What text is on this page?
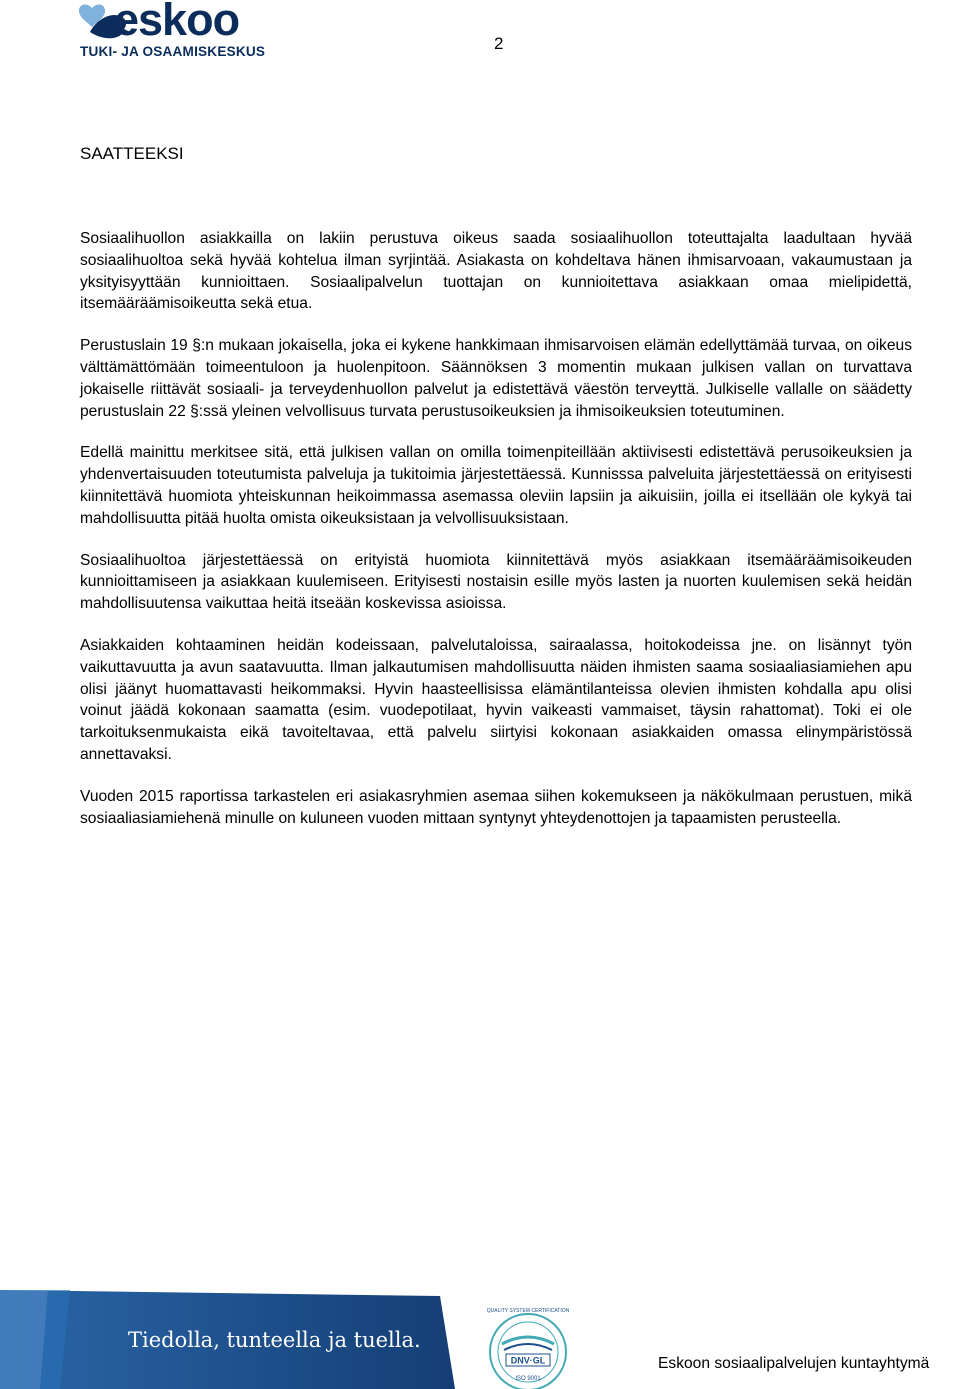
eskoo
TUKI- JA OSAAMISKESKUS	2
SAATTEEKSI

Sosiaalihuollon asiakkailla on lakiin perustuva oikeus saada sosiaalihuollon toteuttajalta laadultaan hyvää sosiaalihuoltoa sekä hyvää kohtelua ilman syrjintää. Asiakasta on kohdeltava hänen ihmisarvoaan, vakaumustaan ja yksityisyyttään kunnioittaen. Sosiaalipalvelun tuottajan on kunnioitettava asiakkaan omaa mielipidettä, itsemääräämisoikeutta sekä etua.

Perustuslain 19 §:n mukaan jokaisella, joka ei kykene hankkimaan ihmisarvoisen elämän edellyttämää turvaa, on oikeus välttämättömään toimeentuloon ja huolenpitoon. Säännöksen 3 momentin mukaan julkisen vallan on turvattava jokaiselle riittävät sosiaali- ja terveydenhuollon palvelut ja edistettävä väestön terveyttä. Julkiselle vallalle on säädetty perustuslain 22 §:ssä yleinen velvollisuus turvata perustusoikeuksien ja ihmisoikeuksien toteutuminen.

Edellä mainittu merkitsee sitä, että julkisen vallan on omilla toimenpiteillään aktiivisesti edistettävä perusoikeuksien ja yhdenvertaisuuden toteutumista palveluja ja tukitoimia järjestettäessä. Kunnisssa palveluita järjestettäessä on erityisesti kiinnitettävä huomiota yhteiskunnan heikoimmassa asemassa oleviin lapsiin ja aikuisiin, joilla ei itsellään ole kykyä tai mahdollisuutta pitää huolta omista oikeuksistaan ja velvollisuuksistaan.

Sosiaalihuoltoa järjestettäessä on erityistä huomiota kiinnitettävä myös asiakkaan itsemääräämisoikeuden kunnioittamiseen ja asiakkaan kuulemiseen. Erityisesti nostaisin esille myös lasten ja nuorten kuulemisen sekä heidän mahdollisuutensa vaikuttaa heitä itseään koskevissa asioissa.

Asiakkaiden kohtaaminen heidän kodeissaan, palvelutaloissa, sairaalassa, hoitokodeissa jne. on lisännyt työn vaikuttavuutta ja avun saatavuutta. Ilman jalkautumisen mahdollisuutta näiden ihmisten saama sosiaaliasiamiehen apu olisi jäänyt huomattavasti heikommaksi. Hyvin haasteellisissa elämäntilanteissa olevien ihmisten kohdalla apu olisi voinut jäädä kokonaan saamatta (esim. vuodepotilaat, hyvin vaikeasti vammaiset, täysin rahattomat). Toki ei ole tarkoituksenmukaista eikä tavoiteltavaa, että palvelu siirtyisi kokonaan asiakkaiden omassa elinympäristössä annettavaksi.

Vuoden 2015 raportissa tarkastelen eri asiakasryhmien asemaa siihen kokemukseen ja näkökulmaan perustuen, mikä sosiaaliasiamiehenä minulle on kuluneen vuoden mittaan syntynyt yhteydenottojen ja tapaamisten perusteella.

Tiedolla, tunteella ja tuella.
DNV·GL
ISO 9001
QUALITY SYSTEM CERTIFICATION
Eskoon sosiaalipalvelujen kuntayhtymä
